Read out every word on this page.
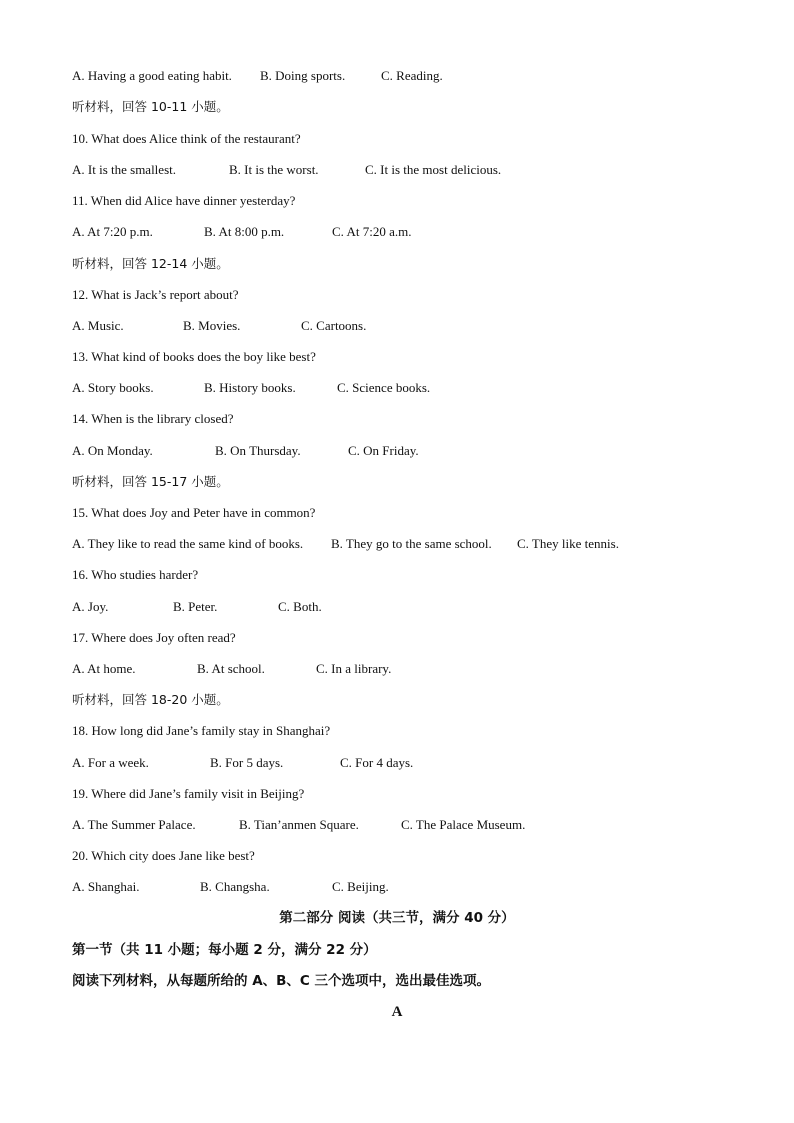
A. Having a good eating habit. B. Doing sports.	C. Reading.
听材料，回答 10-11 小题。
10. What does Alice think of the restaurant?
A. It is the smallest.	B. It is the worst.	C. It is the most delicious.
11. When did Alice have dinner yesterday?
A. At 7:20 p.m.	B. At 8:00 p.m.	C. At 7:20 a.m.
听材料，回答 12-14 小题。
12. What is Jack’s report about?
A. Music.	B. Movies.	C. Cartoons.
13. What kind of books does the boy like best?
A. Story books.	B. History books.	C. Science books.
14. When is the library closed?
A. On Monday.	B. On Thursday.	C. On Friday.
听材料，回答 15-17 小题。
15. What does Joy and Peter have in common?
A. They like to read the same kind of books. B. They go to the same school. C. They like tennis.
16. Who studies harder?
A. Joy.	B. Peter.	C. Both.
17. Where does Joy often read?
A. At home.	B. At school.	C. In a library.
听材料，回答 18-20 小题。
18. How long did Jane’s family stay in Shanghai?
A. For a week.	B. For 5 days.	C. For 4 days.
19. Where did Jane’s family visit in Beijing?
A. The Summer Palace.	B. Tian’anmen Square.	C. The Palace Museum.
20. Which city does Jane like best?
A. Shanghai.	B. Changsha.	C. Beijing.
第二部分 阅读（共三节，满分 40 分）
第一节（共 11 小题；每小题 2 分，满分 22 分）
阅读下列材料，从每题所给的 A、B、C 三个选项中，选出最佳选项。
A
